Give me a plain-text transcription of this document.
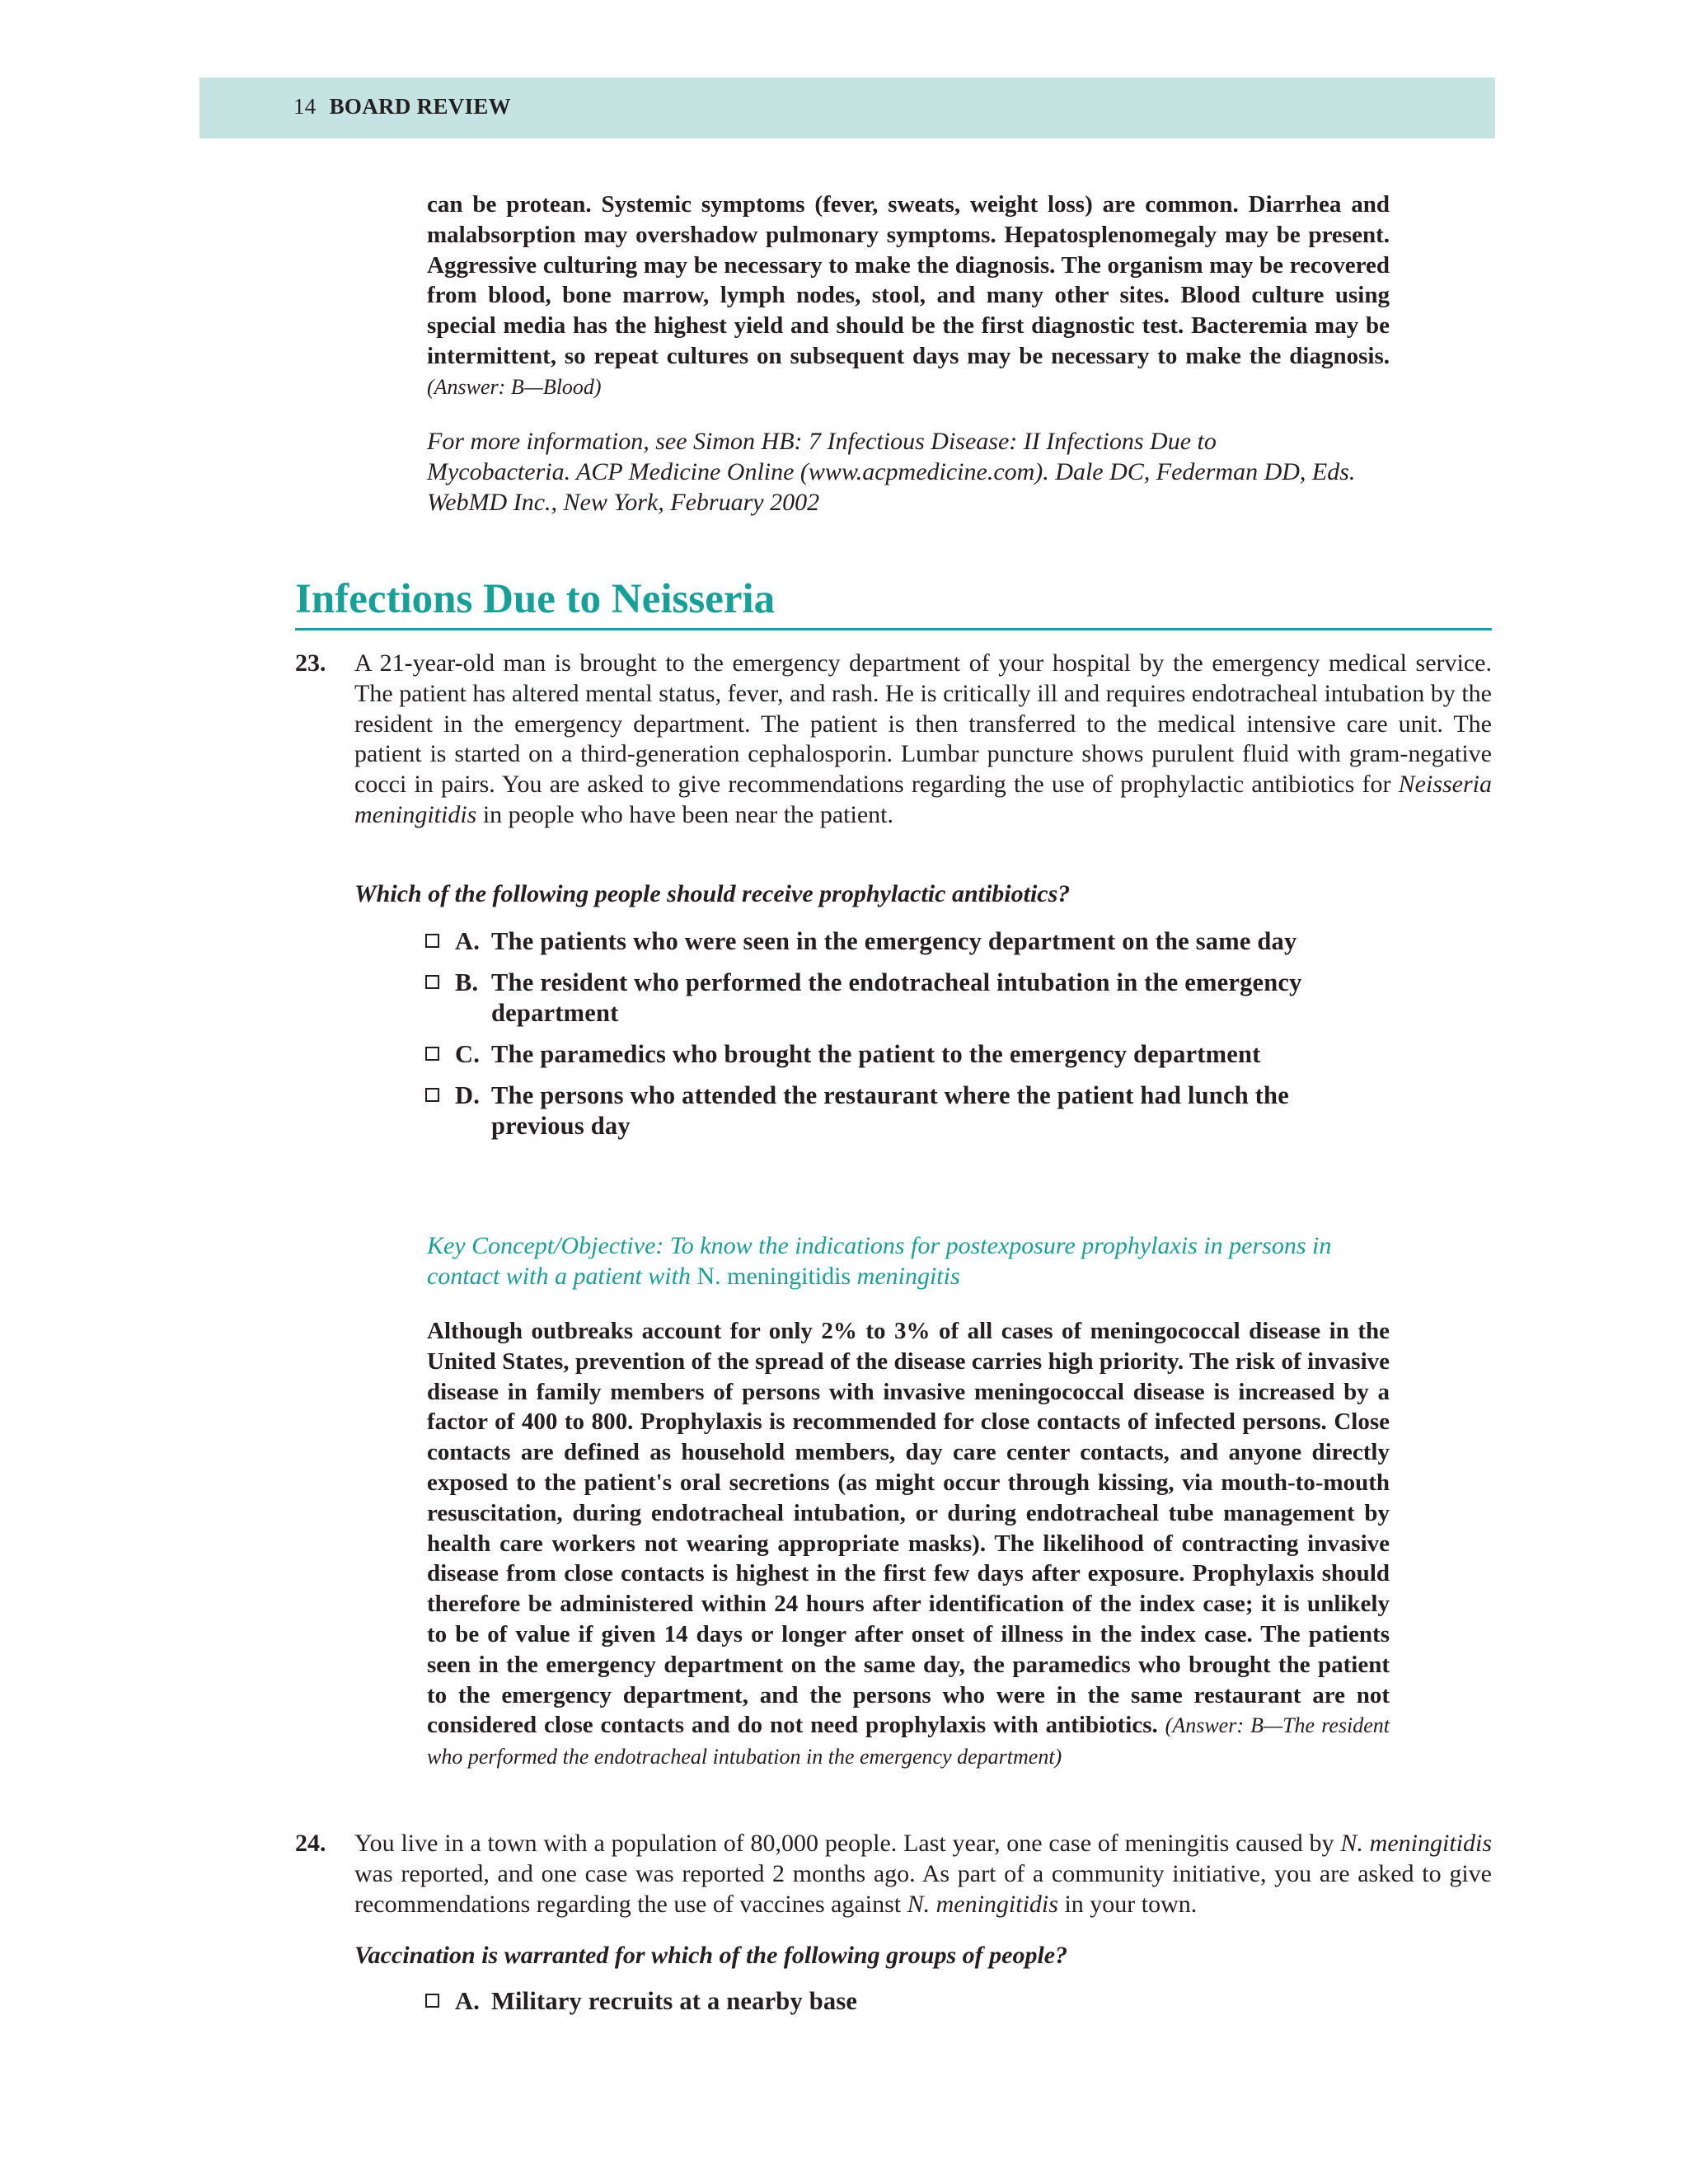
14 BOARD REVIEW

can be protean. Systemic symptoms (fever, sweats, weight loss) are common. Diarrhea and malabsorption may overshadow pulmonary symptoms. Hepatosplenomegaly may be present. Aggressive culturing may be necessary to make the diagnosis. The organism may be recovered from blood, bone marrow, lymph nodes, stool, and many other sites. Blood culture using special media has the highest yield and should be the first diagnostic test. Bacteremia may be intermittent, so repeat cultures on subsequent days may be necessary to make the diagnosis. (Answer: B—Blood)

For more information, see Simon HB: 7 Infectious Disease: II Infections Due to Mycobacteria. ACP Medicine Online (www.acpmedicine.com). Dale DC, Federman DD, Eds. WebMD Inc., New York, February 2002

Infections Due to Neisseria
23. A 21-year-old man is brought to the emergency department of your hospital by the emergency medical service. The patient has altered mental status, fever, and rash. He is critically ill and requires endotracheal intubation by the resident in the emergency department. The patient is then transferred to the medical intensive care unit. The patient is started on a third-generation cephalosporin. Lumbar puncture shows purulent fluid with gram-negative cocci in pairs. You are asked to give recommendations regarding the use of prophylactic antibiotics for Neisseria meningitidis in people who have been near the patient.
Which of the following people should receive prophylactic antibiotics?
A. The patients who were seen in the emergency department on the same day
B. The resident who performed the endotracheal intubation in the emergency department
C. The paramedics who brought the patient to the emergency department
D. The persons who attended the restaurant where the patient had lunch the previous day
Key Concept/Objective: To know the indications for postexposure prophylaxis in persons in contact with a patient with N. meningitidis meningitis

Although outbreaks account for only 2% to 3% of all cases of meningococcal disease in the United States, prevention of the spread of the disease carries high priority. The risk of invasive disease in family members of persons with invasive meningococcal disease is increased by a factor of 400 to 800. Prophylaxis is recommended for close contacts of infected persons. Close contacts are defined as household members, day care center contacts, and anyone directly exposed to the patient's oral secretions (as might occur through kissing, via mouth-to-mouth resuscitation, during endotracheal intubation, or during endotracheal tube management by health care workers not wearing appropriate masks). The likelihood of contracting invasive disease from close contacts is highest in the first few days after exposure. Prophylaxis should therefore be administered within 24 hours after identification of the index case; it is unlikely to be of value if given 14 days or longer after onset of illness in the index case. The patients seen in the emergency department on the same day, the paramedics who brought the patient to the emergency department, and the persons who were in the same restaurant are not considered close contacts and do not need prophylaxis with antibiotics. (Answer: B—The resident who performed the endotracheal intubation in the emergency department)

24. You live in a town with a population of 80,000 people. Last year, one case of meningitis caused by N. meningitidis was reported, and one case was reported 2 months ago. As part of a community initiative, you are asked to give recommendations regarding the use of vaccines against N. meningitidis in your town.
Vaccination is warranted for which of the following groups of people?
A. Military recruits at a nearby base
